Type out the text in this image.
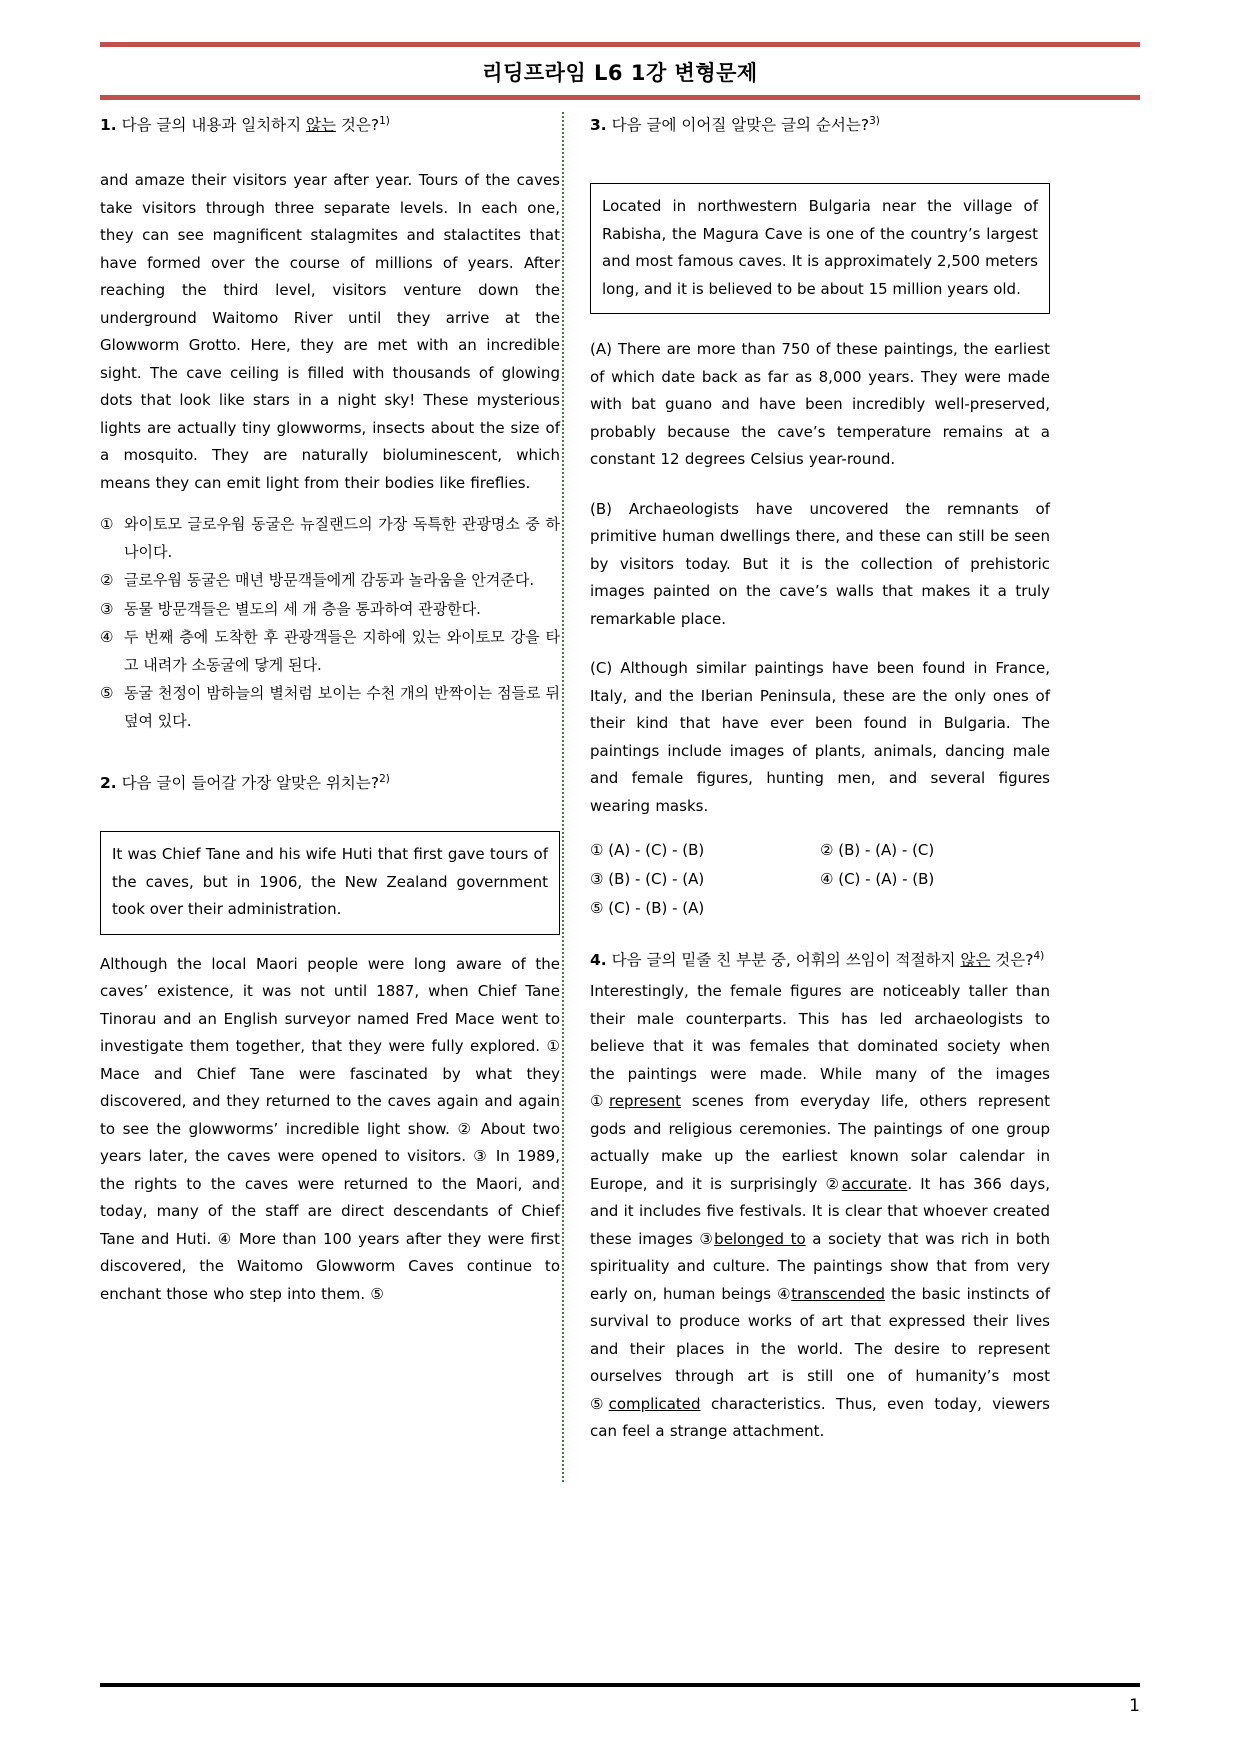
리딩프라임 L6 1강 변형문제

1. 다음 글의 내용과 일치하지 않는 것은?$^{1)}$

and amaze their visitors year after year. Tours of the caves take visitors through three separate levels. In each one, they can see magnificent stalagmites and stalactites that have formed over the course of millions of years. After reaching the third level, visitors venture down the underground Waitomo River until they arrive at the Glowworm Grotto. Here, they are met with an incredible sight. The cave ceiling is filled with thousands of glowing dots that look like stars in a night sky! These mysterious lights are actually tiny glowworms, insects about the size of a mosquito. They are naturally bioluminescent, which means they can emit light from their bodies like fireflies.

① 와이토모 글로우웜 동굴은 뉴질랜드의 가장 독특한 관광명소 중 하나이다.
② 글로우웜 동굴은 매년 방문객들에게 감동과 놀라움을 안겨준다.
③ 동물 방문객들은 별도의 세 개 층을 통과하여 관광한다.
④ 두 번째 층에 도착한 후 관광객들은 지하에 있는 와이토모 강을 타고 내려가 소동굴에 닿게 된다.
⑤ 동굴 천정이 밤하늘의 별처럼 보이는 수천 개의 반짝이는 점들로 뒤덮여 있다.

2. 다음 글이 들어갈 가장 알맞은 위치는?$^{2)}$

It was Chief Tane and his wife Huti that first gave tours of the caves, but in 1906, the New Zealand government took over their administration.

Although the local Maori people were long aware of the caves’ existence, it was not until 1887, when Chief Tane Tinorau and an English surveyor named Fred Mace went to investigate them together, that they were fully explored. ① Mace and Chief Tane were fascinated by what they discovered, and they returned to the caves again and again to see the glowworms’ incredible light show. ② About two years later, the caves were opened to visitors. ③ In 1989, the rights to the caves were returned to the Maori, and today, many of the staff are direct descendants of Chief Tane and Huti. ④ More than 100 years after they were first discovered, the Waitomo Glowworm Caves continue to enchant those who step into them. ⑤

3. 다음 글에 이어질 알맞은 글의 순서는?$^{3)}$

Located in northwestern Bulgaria near the village of Rabisha, the Magura Cave is one of the country’s largest and most famous caves. It is approximately 2,500 meters long, and it is believed to be about 15 million years old.

(A) There are more than 750 of these paintings, the earliest of which date back as far as 8,000 years. They were made with bat guano and have been incredibly well-preserved, probably because the cave’s temperature remains at a constant 12 degrees Celsius year-round.

(B) Archaeologists have uncovered the remnants of primitive human dwellings there, and these can still be seen by visitors today. But it is the collection of prehistoric images painted on the cave’s walls that makes it a truly remarkable place.

(C) Although similar paintings have been found in France, Italy, and the Iberian Peninsula, these are the only ones of their kind that have ever been found in Bulgaria. The paintings include images of plants, animals, dancing male and female figures, hunting men, and several figures wearing masks.

① (A) - (C) - (B)	② (B) - (A) - (C)
③ (B) - (C) - (A)	④ (C) - (A) - (B)
⑤ (C) - (B) - (A)

4. 다음 글의 밑줄 친 부분 중, 어휘의 쓰임이 적절하지 않은 것은?$^{4)}$

Interestingly, the female figures are noticeably taller than their male counterparts. This has led archaeologists to believe that it was females that dominated society when the paintings were made. While many of the images ①represent scenes from everyday life, others represent gods and religious ceremonies. The paintings of one group actually make up the earliest known solar calendar in Europe, and it is surprisingly ②accurate. It has 366 days, and it includes five festivals. It is clear that whoever created these images ③belonged to a society that was rich in both spirituality and culture. The paintings show that from very early on, human beings ④transcended the basic instincts of survival to produce works of art that expressed their lives and their places in the world. The desire to represent ourselves through art is still one of humanity’s most ⑤complicated characteristics. Thus, even today, viewers can feel a strange attachment.

1
